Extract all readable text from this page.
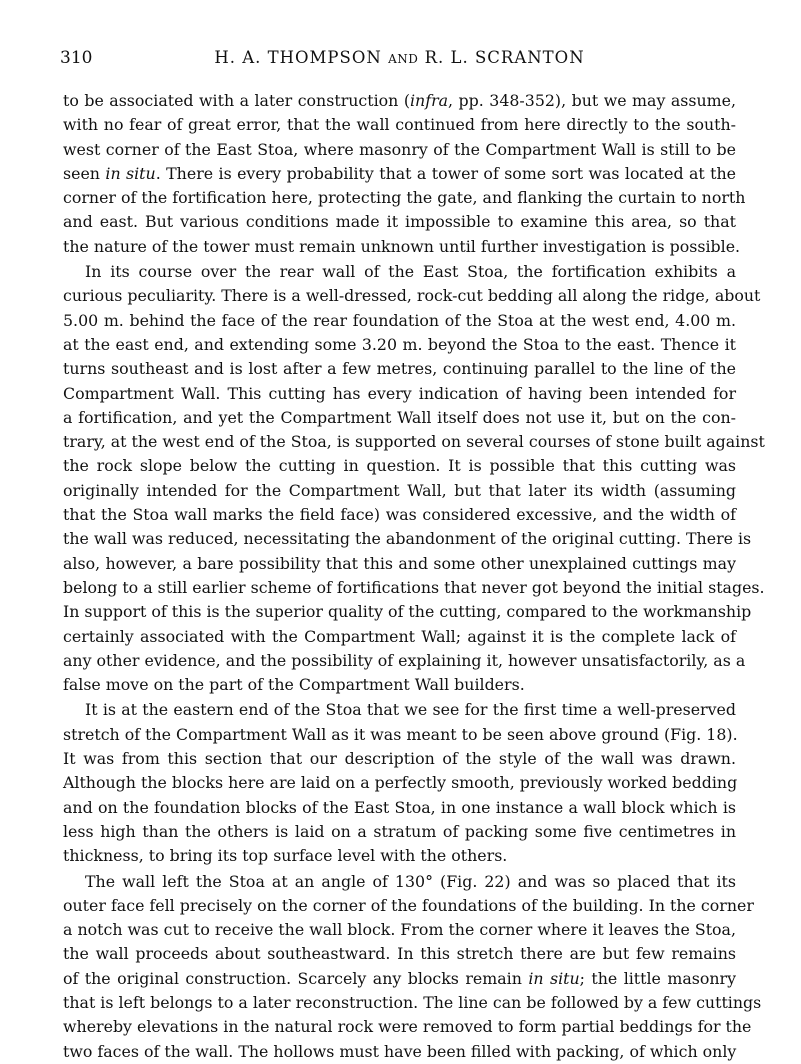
310	H. A. THOMPSON AND R. L. SCRANTON
to be associated with a later construction (infra, pp. 348-352), but we may assume,
with no fear of great error, that the wall continued from here directly to the south-
west corner of the East Stoa, where masonry of the Compartment Wall is still to be
seen in situ. There is every probability that a tower of some sort was located at the
corner of the fortification here, protecting the gate, and flanking the curtain to north
and east. But various conditions made it impossible to examine this area, so that
the nature of the tower must remain unknown until further investigation is possible.
In its course over the rear wall of the East Stoa, the fortification exhibits a
curious peculiarity. There is a well-dressed, rock-cut bedding all along the ridge, about
5.00 m. behind the face of the rear foundation of the Stoa at the west end, 4.00 m.
at the east end, and extending some 3.20 m. beyond the Stoa to the east. Thence it
turns southeast and is lost after a few metres, continuing parallel to the line of the
Compartment Wall. This cutting has every indication of having been intended for
a fortification, and yet the Compartment Wall itself does not use it, but on the con-
trary, at the west end of the Stoa, is supported on several courses of stone built against
the rock slope below the cutting in question. It is possible that this cutting was
originally intended for the Compartment Wall, but that later its width (assuming
that the Stoa wall marks the field face) was considered excessive, and the width of
the wall was reduced, necessitating the abandonment of the original cutting. There is
also, however, a bare possibility that this and some other unexplained cuttings may
belong to a still earlier scheme of fortifications that never got beyond the initial stages.
In support of this is the superior quality of the cutting, compared to the workmanship
certainly associated with the Compartment Wall; against it is the complete lack of
any other evidence, and the possibility of explaining it, however unsatisfactorily, as a
false move on the part of the Compartment Wall builders.
It is at the eastern end of the Stoa that we see for the first time a well-preserved
stretch of the Compartment Wall as it was meant to be seen above ground (Fig. 18).
It was from this section that our description of the style of the wall was drawn.
Although the blocks here are laid on a perfectly smooth, previously worked bedding
and on the foundation blocks of the East Stoa, in one instance a wall block which is
less high than the others is laid on a stratum of packing some five centimetres in
thickness, to bring its top surface level with the others.
The wall left the Stoa at an angle of 130° (Fig. 22) and was so placed that its
outer face fell precisely on the corner of the foundations of the building. In the corner
a notch was cut to receive the wall block. From the corner where it leaves the Stoa,
the wall proceeds about southeastward. In this stretch there are but few remains
of the original construction. Scarcely any blocks remain in situ; the little masonry
that is left belongs to a later reconstruction. The line can be followed by a few cuttings
whereby elevations in the natural rock were removed to form partial beddings for the
two faces of the wall. The hollows must have been filled with packing, of which only
